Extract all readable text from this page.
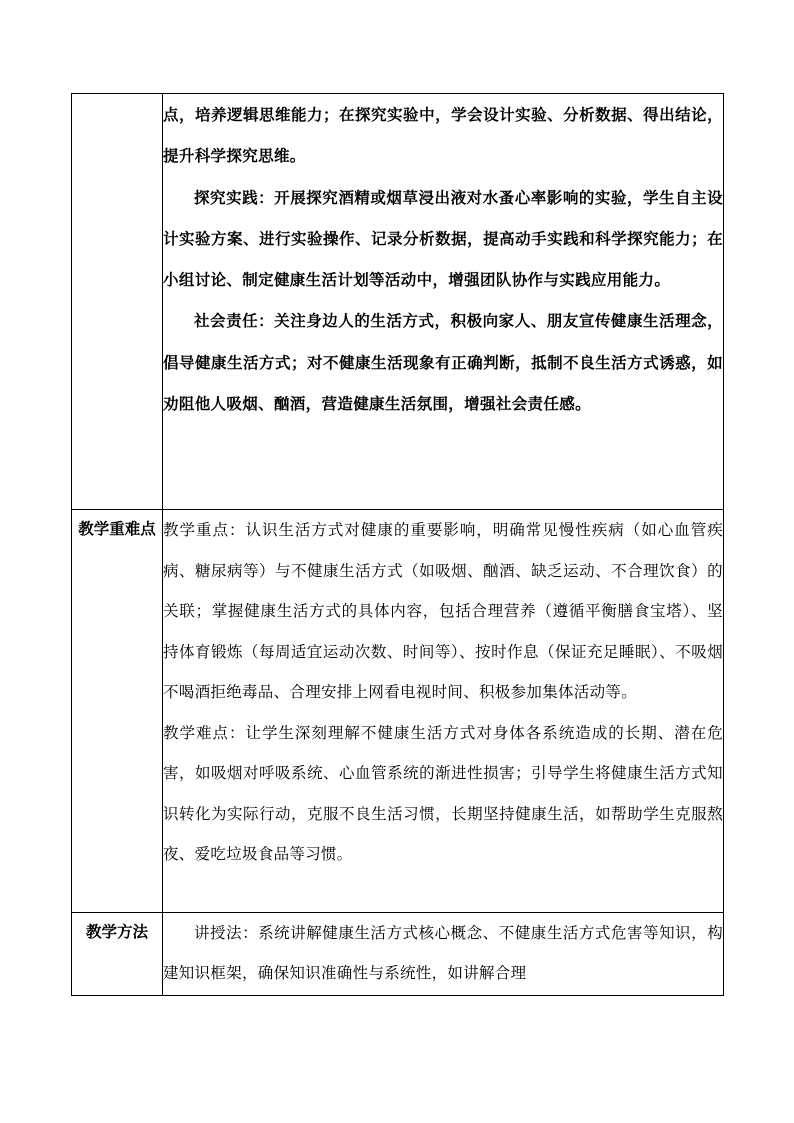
	点，培养逻辑思维能力；在探究实验中，学会设计实验、分析数据、得出结论，提升科学探究思维。

探究实践：开展探究酒精或烟草浸出液对水蚤心率影响的实验，学生自主设计实验方案、进行实验操作、记录分析数据，提高动手实践和科学探究能力；在小组讨论、制定健康生活计划等活动中，增强团队协作与实践应用能力。

社会责任：关注身边人的生活方式，积极向家人、朋友宣传健康生活理念，倡导健康生活方式；对不健康生活现象有正确判断，抵制不良生活方式诱惑，如劝阻他人吸烟、酗酒，营造健康生活氛围，增强社会责任感。

教学重难点	教学重点：认识生活方式对健康的重要影响，明确常见慢性疾病（如心血管疾病、糖尿病等）与不健康生活方式（如吸烟、酗酒、缺乏运动、不合理饮食）的关联；掌握健康生活方式的具体内容，包括合理营养（遵循平衡膳食宝塔）、坚持体育锻炼（每周适宜运动次数、时间等）、按时作息（保证充足睡眠）、不吸烟不喝酒拒绝毒品、合理安排上网看电视时间、积极参加集体活动等。

教学难点：让学生深刻理解不健康生活方式对身体各系统造成的长期、潜在危害，如吸烟对呼吸系统、心血管系统的渐进性损害；引导学生将健康生活方式知识转化为实际行动，克服不良生活习惯，长期坚持健康生活，如帮助学生克服熬夜、爱吃垃圾食品等习惯。

教学方法	讲授法：系统讲解健康生活方式核心概念、不健康生活方式危害等知识，构建知识框架，确保知识准确性与系统性，如讲解合理
